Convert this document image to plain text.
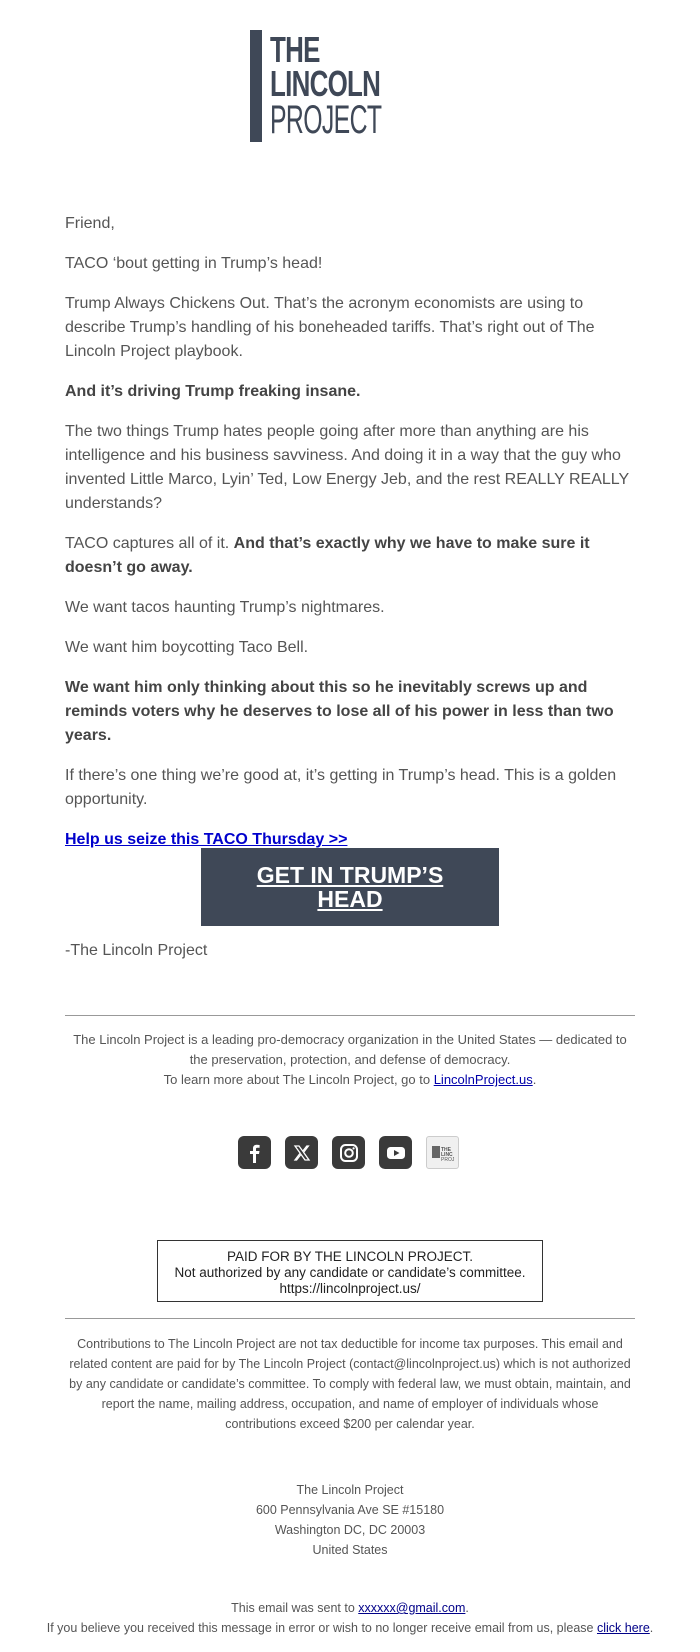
THE
LINCOLN
PROJECT

Friend,

TACO ‘bout getting in Trump’s head!

Trump Always Chickens Out. That’s the acronym economists are using to describe Trump’s handling of his boneheaded tariffs. That’s right out of The Lincoln Project playbook.

And it’s driving Trump freaking insane.

The two things Trump hates people going after more than anything are his intelligence and his business savviness. And doing it in a way that the guy who invented Little Marco, Lyin’ Ted, Low Energy Jeb, and the rest REALLY REALLY understands?

TACO captures all of it. And that’s exactly why we have to make sure it doesn’t go away.

We want tacos haunting Trump’s nightmares.

We want him boycotting Taco Bell.

We want him only thinking about this so he inevitably screws up and reminds voters why he deserves to lose all of his power in less than two years.

If there’s one thing we’re good at, it’s getting in Trump’s head. This is a golden opportunity.

Help us seize this TACO Thursday >>

GET IN TRUMP’S HEAD
-The Lincoln Project
The Lincoln Project is a leading pro-democracy organization in the United States — dedicated to the preservation, protection, and defense of democracy.
To learn more about The Lincoln Project, go to LincolnProject.us.
THE
LINC
PROJ
PAID FOR BY THE LINCOLN PROJECT.
Not authorized by any candidate or candidate’s committee.
https://lincolnproject.us/
Contributions to The Lincoln Project are not tax deductible for income tax purposes. This email and related content are paid for by The Lincoln Project (contact@lincolnproject.us) which is not authorized by any candidate or candidate’s committee. To comply with federal law, we must obtain, maintain, and report the name, mailing address, occupation, and name of employer of individuals whose contributions exceed $200 per calendar year.
The Lincoln Project
600 Pennsylvania Ave SE #15180
Washington DC, DC 20003
United States
This email was sent to xxxxxx@gmail.com.
If you believe you received this message in error or wish to no longer receive email from us, please click here.
